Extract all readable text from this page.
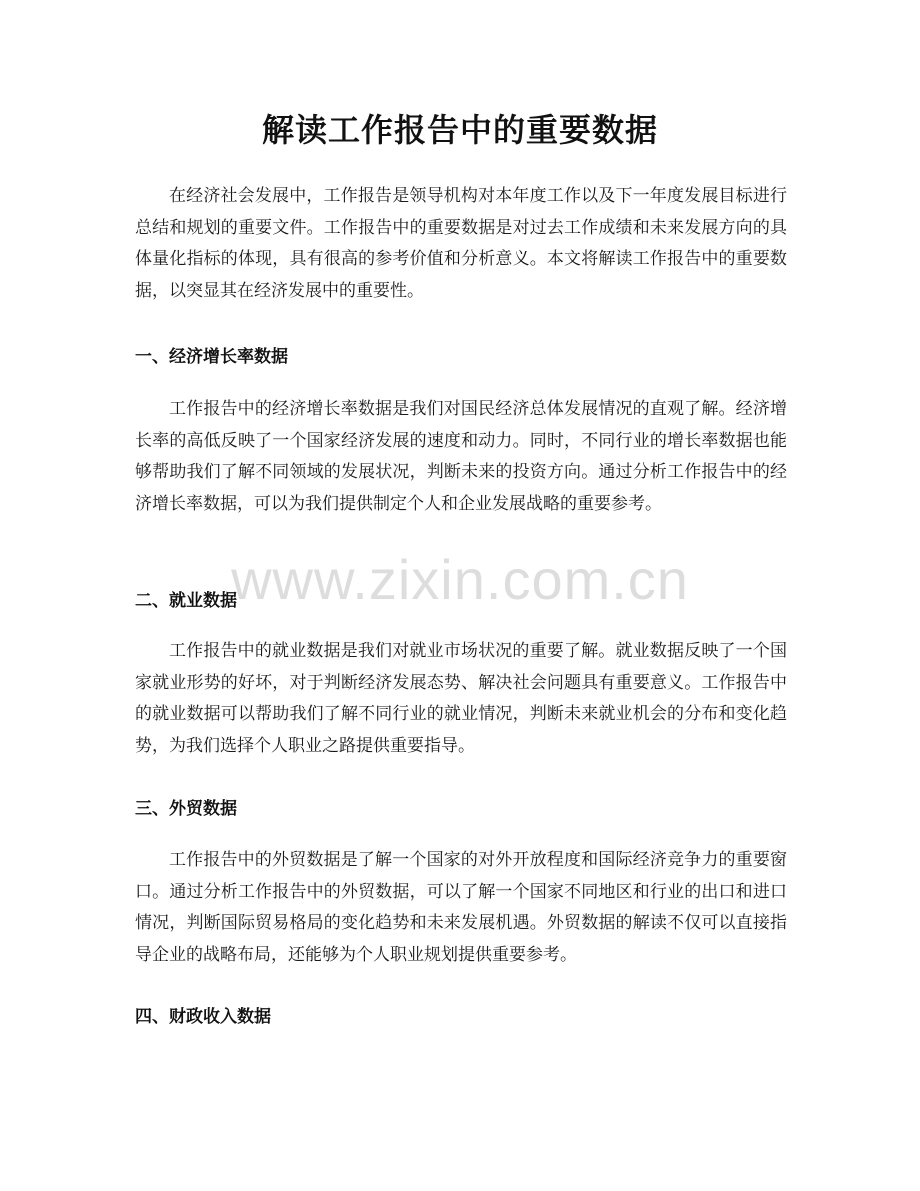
解读工作报告中的重要数据

在经济社会发展中，工作报告是领导机构对本年度工作以及下一年度发展目标进行总结和规划的重要文件。工作报告中的重要数据是对过去工作成绩和未来发展方向的具体量化指标的体现，具有很高的参考价值和分析意义。本文将解读工作报告中的重要数据，以突显其在经济发展中的重要性。

一、经济增长率数据

工作报告中的经济增长率数据是我们对国民经济总体发展情况的直观了解。经济增长率的高低反映了一个国家经济发展的速度和动力。同时，不同行业的增长率数据也能够帮助我们了解不同领域的发展状况，判断未来的投资方向。通过分析工作报告中的经济增长率数据，可以为我们提供制定个人和企业发展战略的重要参考。

二、就业数据

工作报告中的就业数据是我们对就业市场状况的重要了解。就业数据反映了一个国家就业形势的好坏，对于判断经济发展态势、解决社会问题具有重要意义。工作报告中的就业数据可以帮助我们了解不同行业的就业情况，判断未来就业机会的分布和变化趋势，为我们选择个人职业之路提供重要指导。

三、外贸数据

工作报告中的外贸数据是了解一个国家的对外开放程度和国际经济竞争力的重要窗口。通过分析工作报告中的外贸数据，可以了解一个国家不同地区和行业的出口和进口情况，判断国际贸易格局的变化趋势和未来发展机遇。外贸数据的解读不仅可以直接指导企业的战略布局，还能够为个人职业规划提供重要参考。

四、财政收入数据
www.zixin.com.cn
